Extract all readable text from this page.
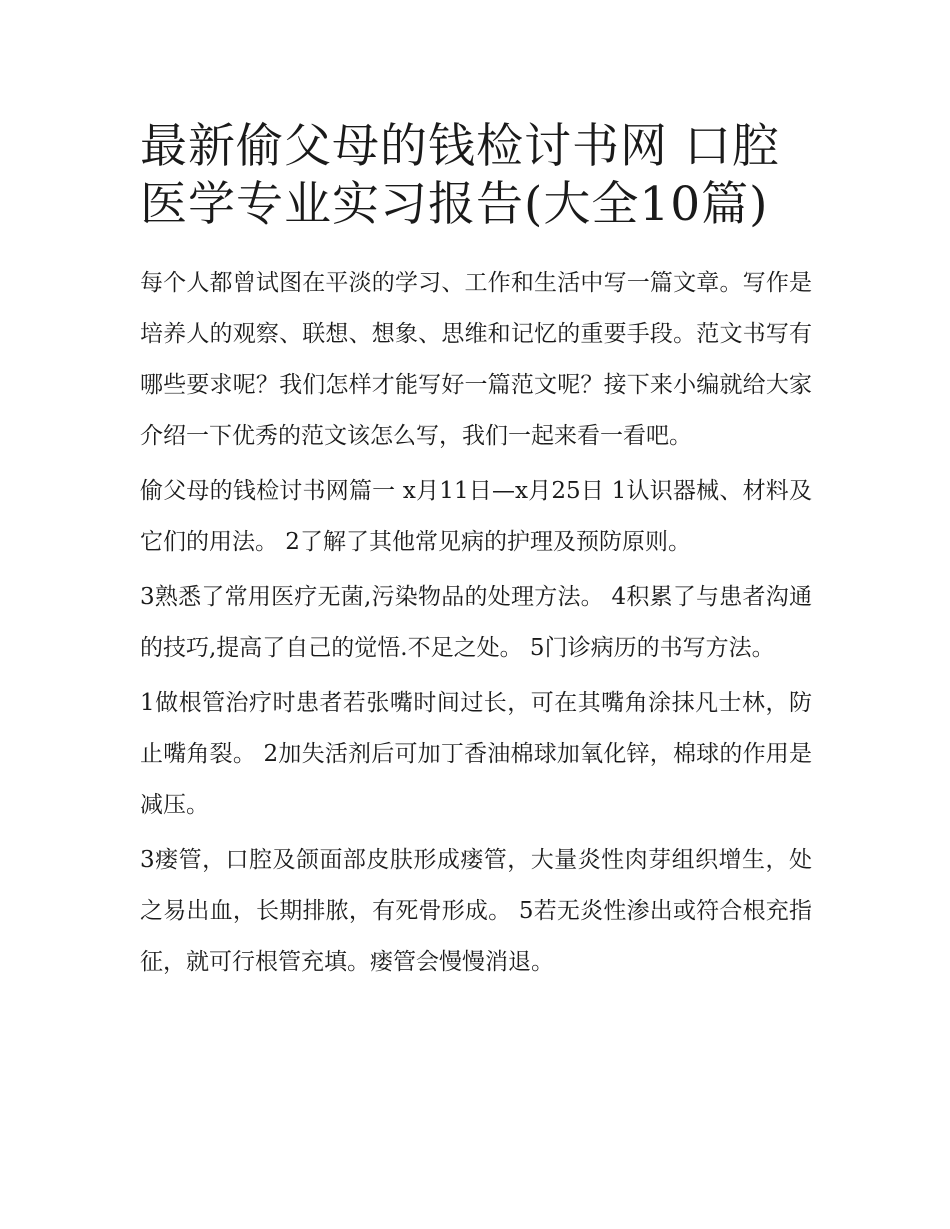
最新偷父母的钱检讨书网 口腔医学专业实习报告(大全10篇)

每个人都曾试图在平淡的学习、工作和生活中写一篇文章。写作是培养人的观察、联想、想象、思维和记忆的重要手段。范文书写有哪些要求呢？我们怎样才能写好一篇范文呢？接下来小编就给大家介绍一下优秀的范文该怎么写，我们一起来看一看吧。

偷父母的钱检讨书网篇一 x月11日—x月25日 1认识器械、材料及它们的用法。 2了解了其他常见病的护理及预防原则。

3熟悉了常用医疗无菌,污染物品的处理方法。 4积累了与患者沟通的技巧,提高了自己的觉悟.不足之处。 5门诊病历的书写方法。

1做根管治疗时患者若张嘴时间过长，可在其嘴角涂抹凡士林，防止嘴角裂。 2加失活剂后可加丁香油棉球加氧化锌，棉球的作用是减压。

3瘘管，口腔及颌面部皮肤形成瘘管，大量炎性肉芽组织增生，处之易出血，长期排脓，有死骨形成。 5若无炎性渗出或符合根充指征，就可行根管充填。瘘管会慢慢消退。
